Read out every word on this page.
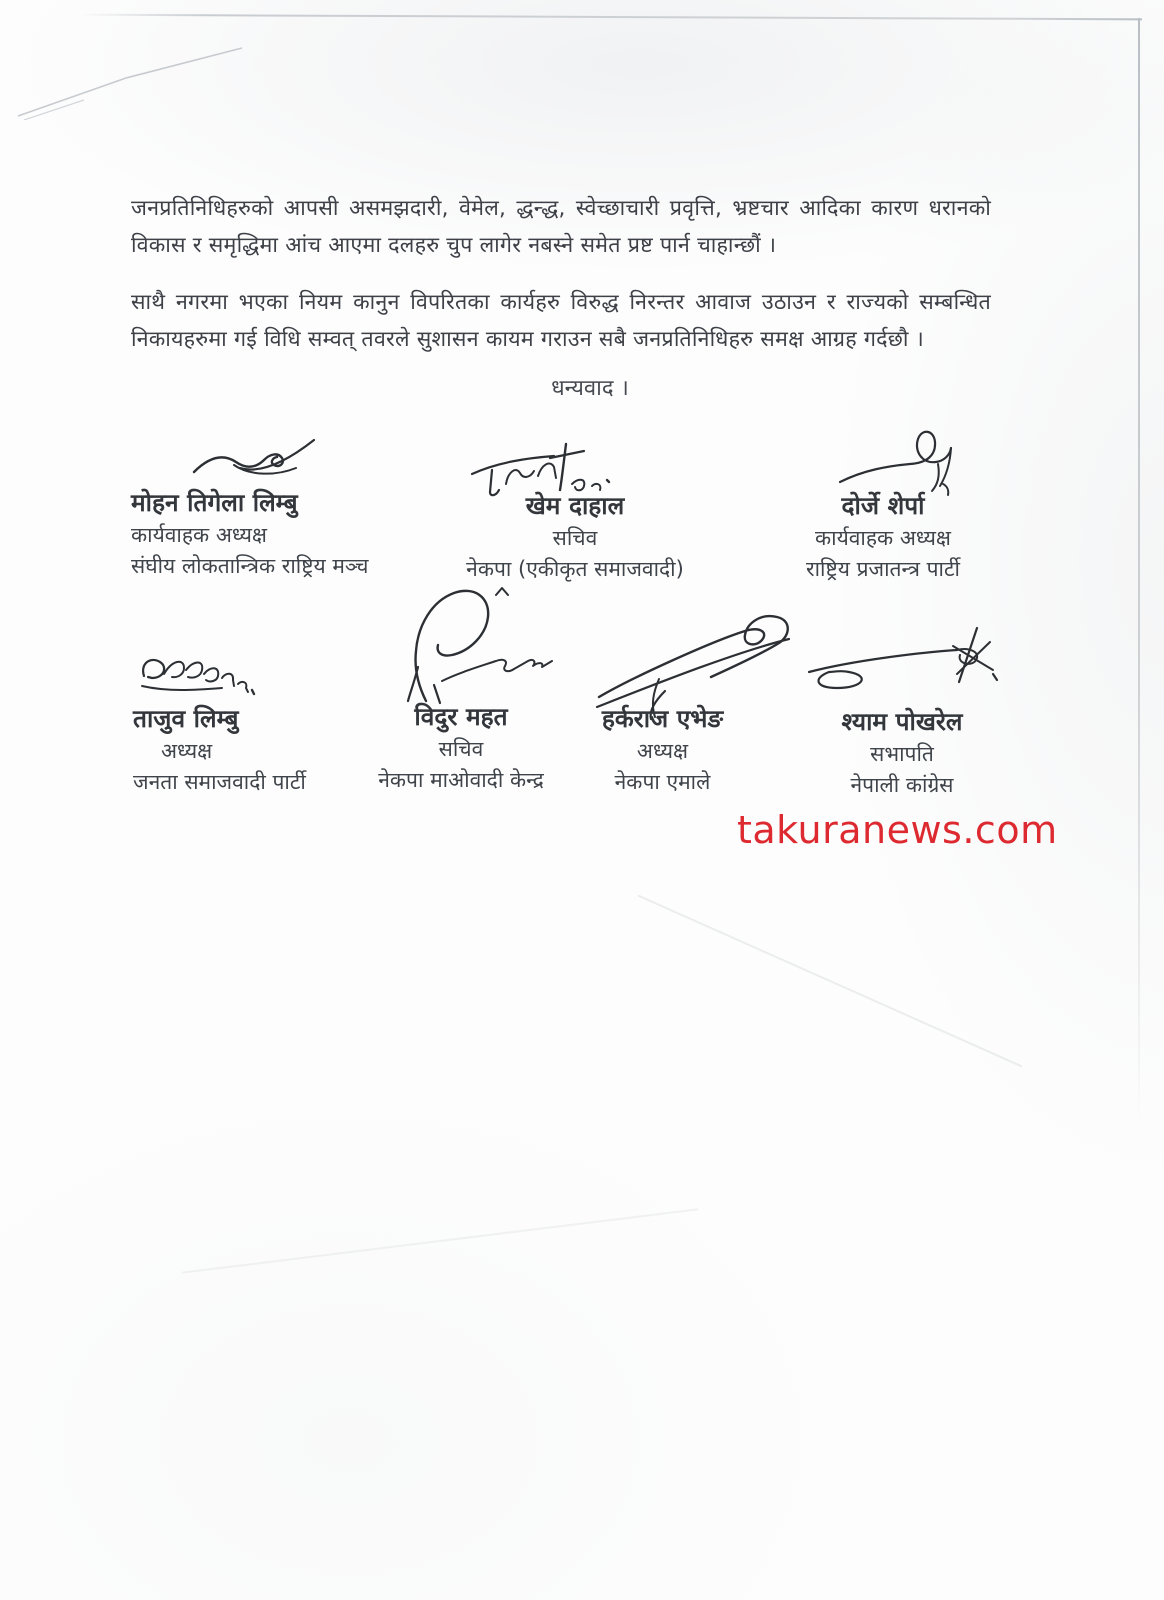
जनप्रतिनिधिहरुको आपसी असमझदारी, वेमेल, द्धन्द्ध, स्वेच्छाचारी प्रवृत्ति, भ्रष्टचार आदिका कारण धरानको विकास र समृद्धिमा आंच आएमा दलहरु चुप लागेर नबस्ने समेत प्रष्ट पार्न चाहान्छौं ।

साथै नगरमा भएका नियम कानुन विपरितका कार्यहरु विरुद्ध निरन्तर आवाज उठाउन र राज्यको सम्बन्धित निकायहरुमा गई विधि सम्वत् तवरले सुशासन कायम गराउन सबै जनप्रतिनिधिहरु समक्ष आग्रह गर्दछौ ।

धन्यवाद ।
मोहन तिगेला लिम्बु
कार्यवाहक अध्यक्ष
संघीय लोकतान्त्रिक राष्ट्रिय मञ्च
खेम दाहाल
सचिव
नेकपा (एकीकृत समाजवादी)
दोर्जे शेर्पा
कार्यवाहक अध्यक्ष
राष्ट्रिय प्रजातन्त्र पार्टी
ताजुव लिम्बु
अध्यक्ष
जनता समाजवादी पार्टी
विदुर महत
सचिव
नेकपा माओवादी केन्द्र
हर्कराज एभेङ
अध्यक्ष
नेकपा एमाले
श्याम पोखरेल
सभापति
नेपाली कांग्रेस
takuranews.com
